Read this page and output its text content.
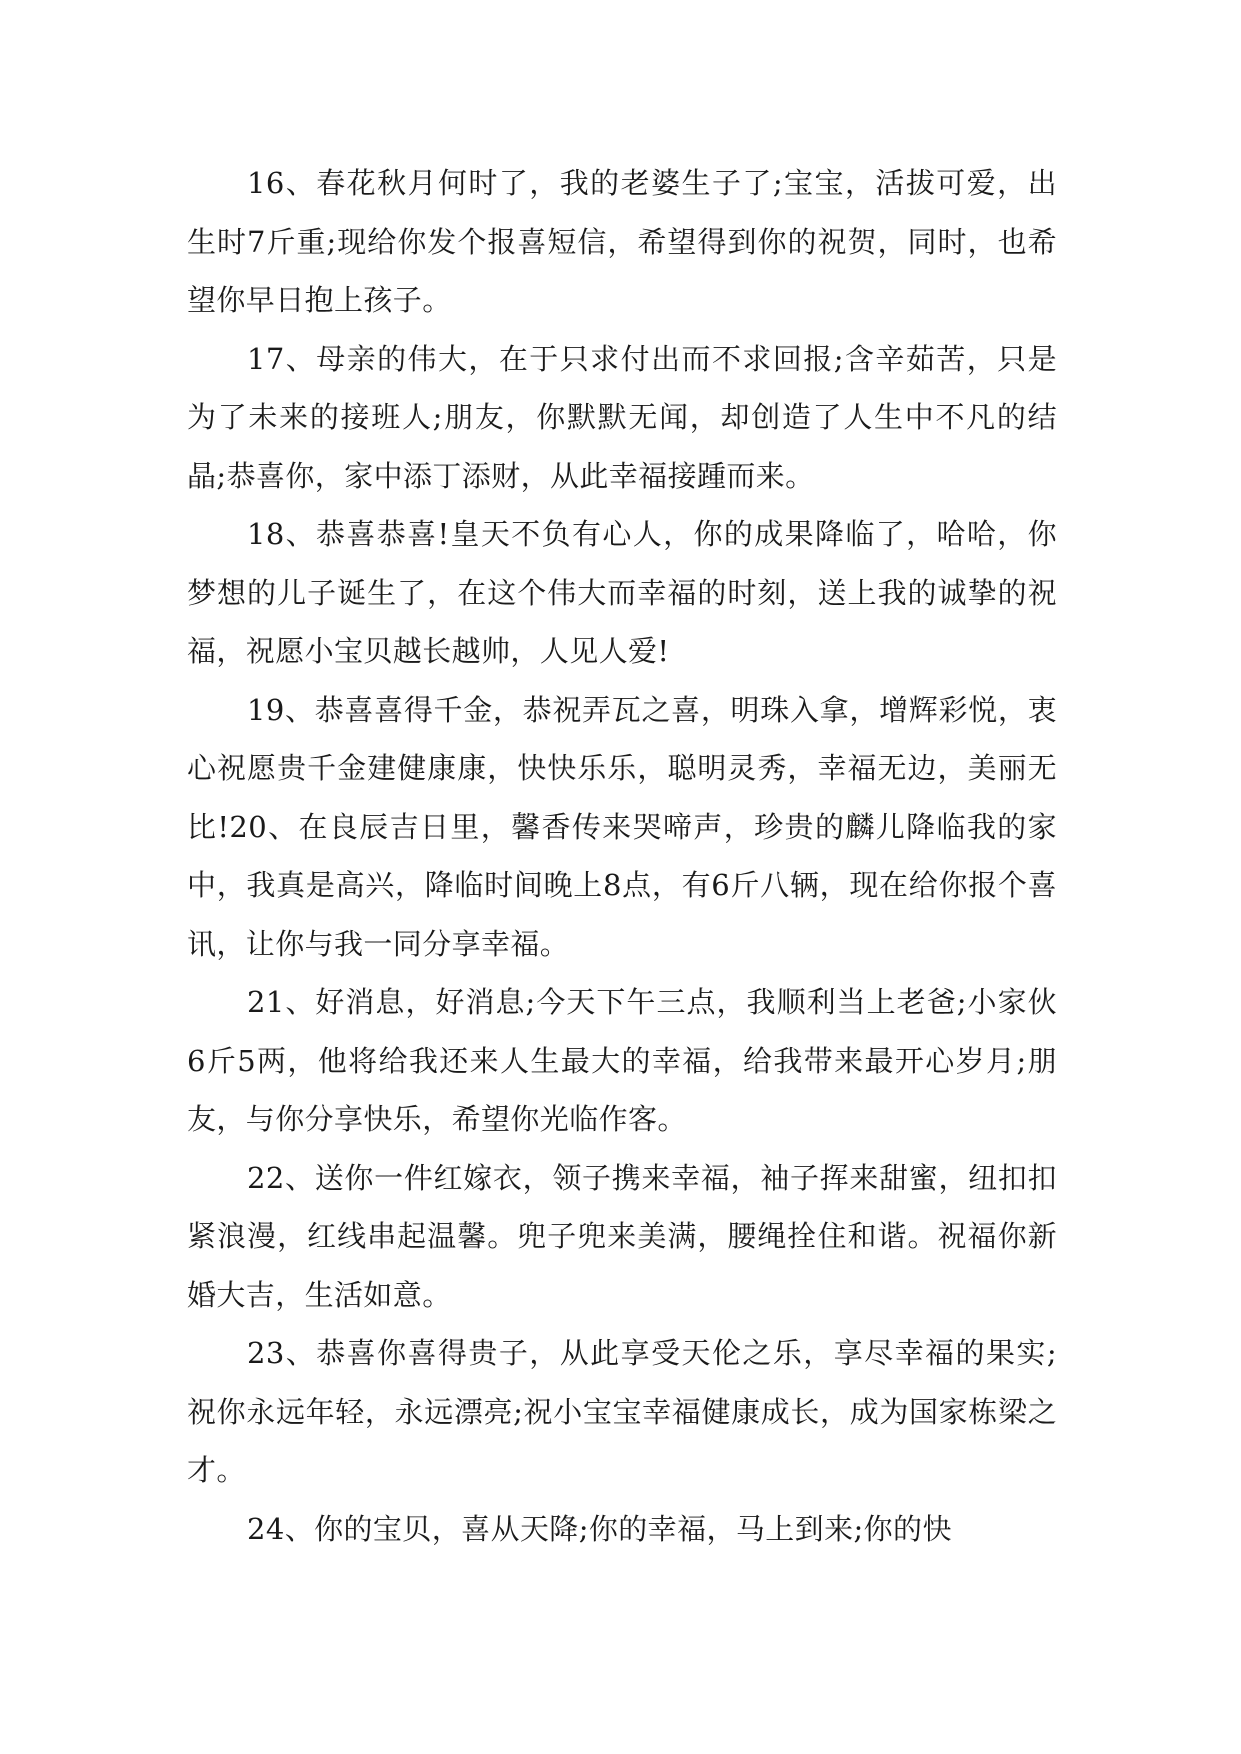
16、春花秋月何时了，我的老婆生子了;宝宝，活拔可爱，出生时7斤重;现给你发个报喜短信，希望得到你的祝贺，同时，也希望你早日抱上孩子。

17、母亲的伟大，在于只求付出而不求回报;含辛茹苦，只是为了未来的接班人;朋友，你默默无闻，却创造了人生中不凡的结晶;恭喜你，家中添丁添财，从此幸福接踵而来。

18、恭喜恭喜!皇天不负有心人，你的成果降临了，哈哈，你梦想的儿子诞生了，在这个伟大而幸福的时刻，送上我的诚挚的祝福，祝愿小宝贝越长越帅，人见人爱!

19、恭喜喜得千金，恭祝弄瓦之喜，明珠入拿，增辉彩悦，衷心祝愿贵千金建健康康，快快乐乐，聪明灵秀，幸福无边，美丽无比!20、在良辰吉日里，馨香传来哭啼声，珍贵的麟儿降临我的家中，我真是高兴，降临时间晚上8点，有6斤八辆，现在给你报个喜讯，让你与我一同分享幸福。

21、好消息，好消息;今天下午三点，我顺利当上老爸;小家伙6斤5两，他将给我还来人生最大的幸福，给我带来最开心岁月;朋友，与你分享快乐，希望你光临作客。

22、送你一件红嫁衣，领子携来幸福，袖子挥来甜蜜，纽扣扣紧浪漫，红线串起温馨。兜子兜来美满，腰绳拴住和谐。祝福你新婚大吉，生活如意。

23、恭喜你喜得贵子，从此享受天伦之乐，享尽幸福的果实;祝你永远年轻，永远漂亮;祝小宝宝幸福健康成长，成为国家栋梁之才。

24、你的宝贝，喜从天降;你的幸福，马上到来;你的快
